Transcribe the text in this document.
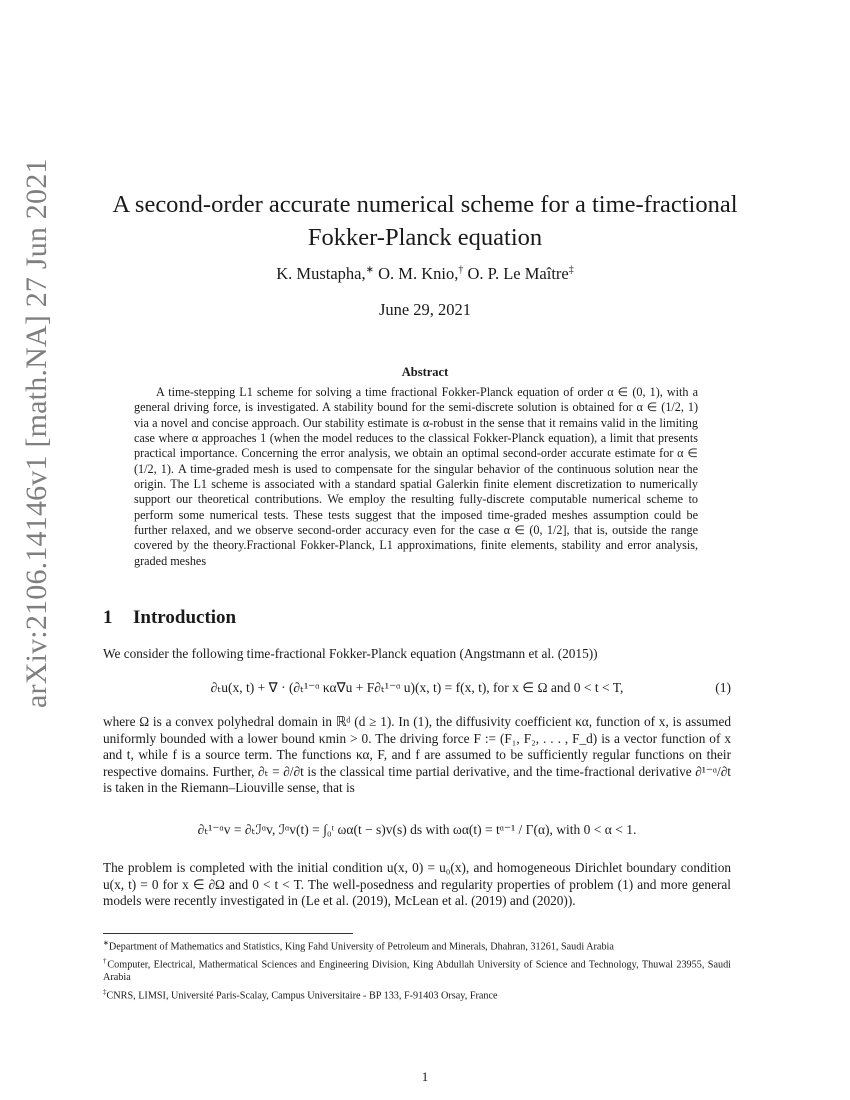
arXiv:2106.14146v1 [math.NA] 27 Jun 2021	A second-order accurate numerical scheme for a time-fractional
Fokker-Planck equation
K. Mustapha,∗ O. M. Knio,† O. P. Le Maître‡
June 29, 2021
Abstract

A time-stepping L1 scheme for solving a time fractional Fokker-Planck equation of order α ∈ (0, 1), with a general driving force, is investigated. A stability bound for the semi-discrete solution is obtained for α ∈ (1/2, 1) via a novel and concise approach. Our stability estimate is α-robust in the sense that it remains valid in the limiting case where α approaches 1 (when the model reduces to the classical Fokker-Planck equation), a limit that presents practical importance. Concerning the error analysis, we obtain an optimal second-order accurate estimate for α ∈ (1/2, 1). A time-graded mesh is used to compensate for the singular behavior of the continuous solution near the origin. The L1 scheme is associated with a standard spatial Galerkin finite element discretization to numerically support our theoretical contributions. We employ the resulting fully-discrete computable numerical scheme to perform some numerical tests. These tests suggest that the imposed time-graded meshes assumption could be further relaxed, and we observe second-order accuracy even for the case α ∈ (0, 1/2], that is, outside the range covered by the theory.Fractional Fokker-Planck, L1 approximations, finite elements, stability and error analysis, graded meshes

1 Introduction

We consider the following time-fractional Fokker-Planck equation (Angstmann et al. (2015))

∂ₜu(x, t) + ∇ · (∂ₜ¹⁻ᵅ κα∇u + F∂ₜ¹⁻ᵅ u)(x, t) = f(x, t), for x ∈ Ω and 0 < t < T,	(1)

where Ω is a convex polyhedral domain in ℝᵈ (d ≥ 1). In (1), the diffusivity coefficient κα, function of x, is assumed uniformly bounded with a lower bound κmin > 0. The driving force F := (F₁, F₂, . . . , F_d) is a vector function of x and t, while f is a source term. The functions κα, F, and f are assumed to be sufficiently regular functions on their respective domains. Further, ∂ₜ = ∂/∂t is the classical time partial derivative, and the time-fractional derivative ∂¹⁻ᵅ/∂t is taken in the Riemann–Liouville sense, that is

∂ₜ¹⁻ᵅv = ∂ₜℐᵅv, ℐᵅv(t) = ∫₀ᵗ ωα(t − s)v(s) ds with ωα(t) = tᵅ⁻¹ / Γ(α), with 0 < α < 1.

The problem is completed with the initial condition u(x, 0) = u₀(x), and homogeneous Dirichlet boundary condition u(x, t) = 0 for x ∈ ∂Ω and 0 < t < T. The well-posedness and regularity properties of problem (1) and more general models were recently investigated in (Le et al. (2019), McLean et al. (2019) and (2020)).

∗Department of Mathematics and Statistics, King Fahd University of Petroleum and Minerals, Dhahran, 31261, Saudi Arabia

†Computer, Electrical, Mathermatical Sciences and Engineering Division, King Abdullah University of Science and Technology, Thuwal 23955, Saudi Arabia

‡CNRS, LIMSI, Université Paris-Scalay, Campus Universitaire - BP 133, F-91403 Orsay, France

1
